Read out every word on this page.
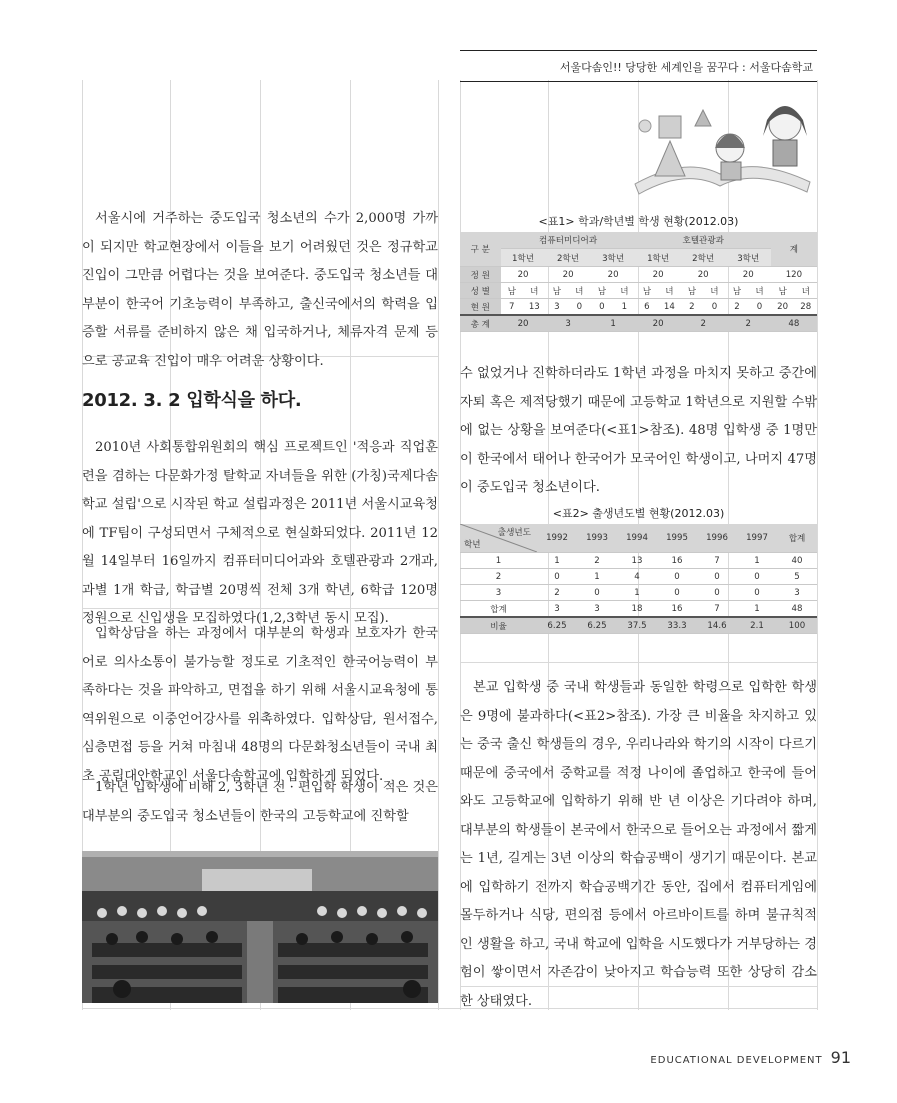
서울다솜인!! 당당한 세계인을 꿈꾸다 : 서울다솜학교

서울시에 거주하는 중도입국 청소년의 수가 2,000명 가까이 되지만 학교현장에서 이들을 보기 어려웠던 것은 정규학교 진입이 그만큼 어렵다는 것을 보여준다. 중도입국 청소년들 대부분이 한국어 기초능력이 부족하고, 출신국에서의 학력을 입증할 서류를 준비하지 않은 채 입국하거나, 체류자격 문제 등으로 공교육 진입이 매우 어려운 상황이다.

2012. 3. 2 입학식을 하다.

2010년 사회통합위원회의 핵심 프로젝트인 '적응과 직업훈련을 겸하는 다문화가정 탈학교 자녀들을 위한 (가칭)국제다솜학교 설립'으로 시작된 학교 설립과정은 2011년 서울시교육청에 TF팀이 구성되면서 구체적으로 현실화되었다. 2011년 12월 14일부터 16일까지 컴퓨터미디어과와 호텔관광과 2개과, 과별 1개 학급, 학급별 20명씩 전체 3개 학년, 6학급 120명 정원으로 신입생을 모집하였다(1,2,3학년 동시 모집).

입학상담을 하는 과정에서 대부분의 학생과 보호자가 한국어로 의사소통이 불가능할 정도로 기초적인 한국어능력이 부족하다는 것을 파악하고, 면접을 하기 위해 서울시교육청에 통역위원으로 이중언어강사를 위촉하였다. 입학상담, 원서접수, 심층면접 등을 거쳐 마침내 48명의 다문화청소년들이 국내 최초 공립대안학교인 서울다솜학교에 입학하게 되었다.

1학년 입학생에 비해 2, 3학년 전 · 편입학 학생이 적은 것은 대부분의 중도입국 청소년들이 한국의 고등학교에 진학할

<표1> 학과/학년별 학생 현황(2012.03)
구 분	컴퓨터미디어과						호텔관광과						계	
	1학년		2학년		3학년		1학년		2학년		3학년			
정 원	20		20		20		20		20		20		120	
성 별	남	녀	남	녀	남	녀	남	녀	남	녀	남	녀	남	녀
현 원	7	13	3	0	0	1	6	14	2	0	2	0	20	28
총 계	20		3		1		20		2		2		48	

수 없었거나 진학하더라도 1학년 과정을 마치지 못하고 중간에 자퇴 혹은 제적당했기 때문에 고등학교 1학년으로 지원할 수밖에 없는 상황을 보여준다(<표1>참조). 48명 입학생 중 1명만이 한국에서 태어나 한국어가 모국어인 학생이고, 나머지 47명이 중도입국 청소년이다.

<표2> 출생년도별 현황(2012.03)
출생년도
학년	1992	1993	1994	1995	1996	1997	합계
1	1	2	13	16	7	1	40
2	0	1	4	0	0	0	5
3	2	0	1	0	0	0	3
합계	3	3	18	16	7	1	48
비율	6.25	6.25	37.5	33.3	14.6	2.1	100

본교 입학생 중 국내 학생들과 동일한 학령으로 입학한 학생은 9명에 불과하다(<표2>참조). 가장 큰 비율을 차지하고 있는 중국 출신 학생들의 경우, 우리나라와 학기의 시작이 다르기 때문에 중국에서 중학교를 적정 나이에 졸업하고 한국에 들어와도 고등학교에 입학하기 위해 반 년 이상은 기다려야 하며, 대부분의 학생들이 본국에서 한국으로 들어오는 과정에서 짧게는 1년, 길게는 3년 이상의 학습공백이 생기기 때문이다. 본교에 입학하기 전까지 학습공백기간 동안, 집에서 컴퓨터게임에 몰두하거나 식당, 편의점 등에서 아르바이트를 하며 불규칙적인 생활을 하고, 국내 학교에 입학을 시도했다가 거부당하는 경험이 쌓이면서 자존감이 낮아지고 학습능력 또한 상당히 감소한 상태였다.

EDUCATIONAL DEVELOPMENT 91
